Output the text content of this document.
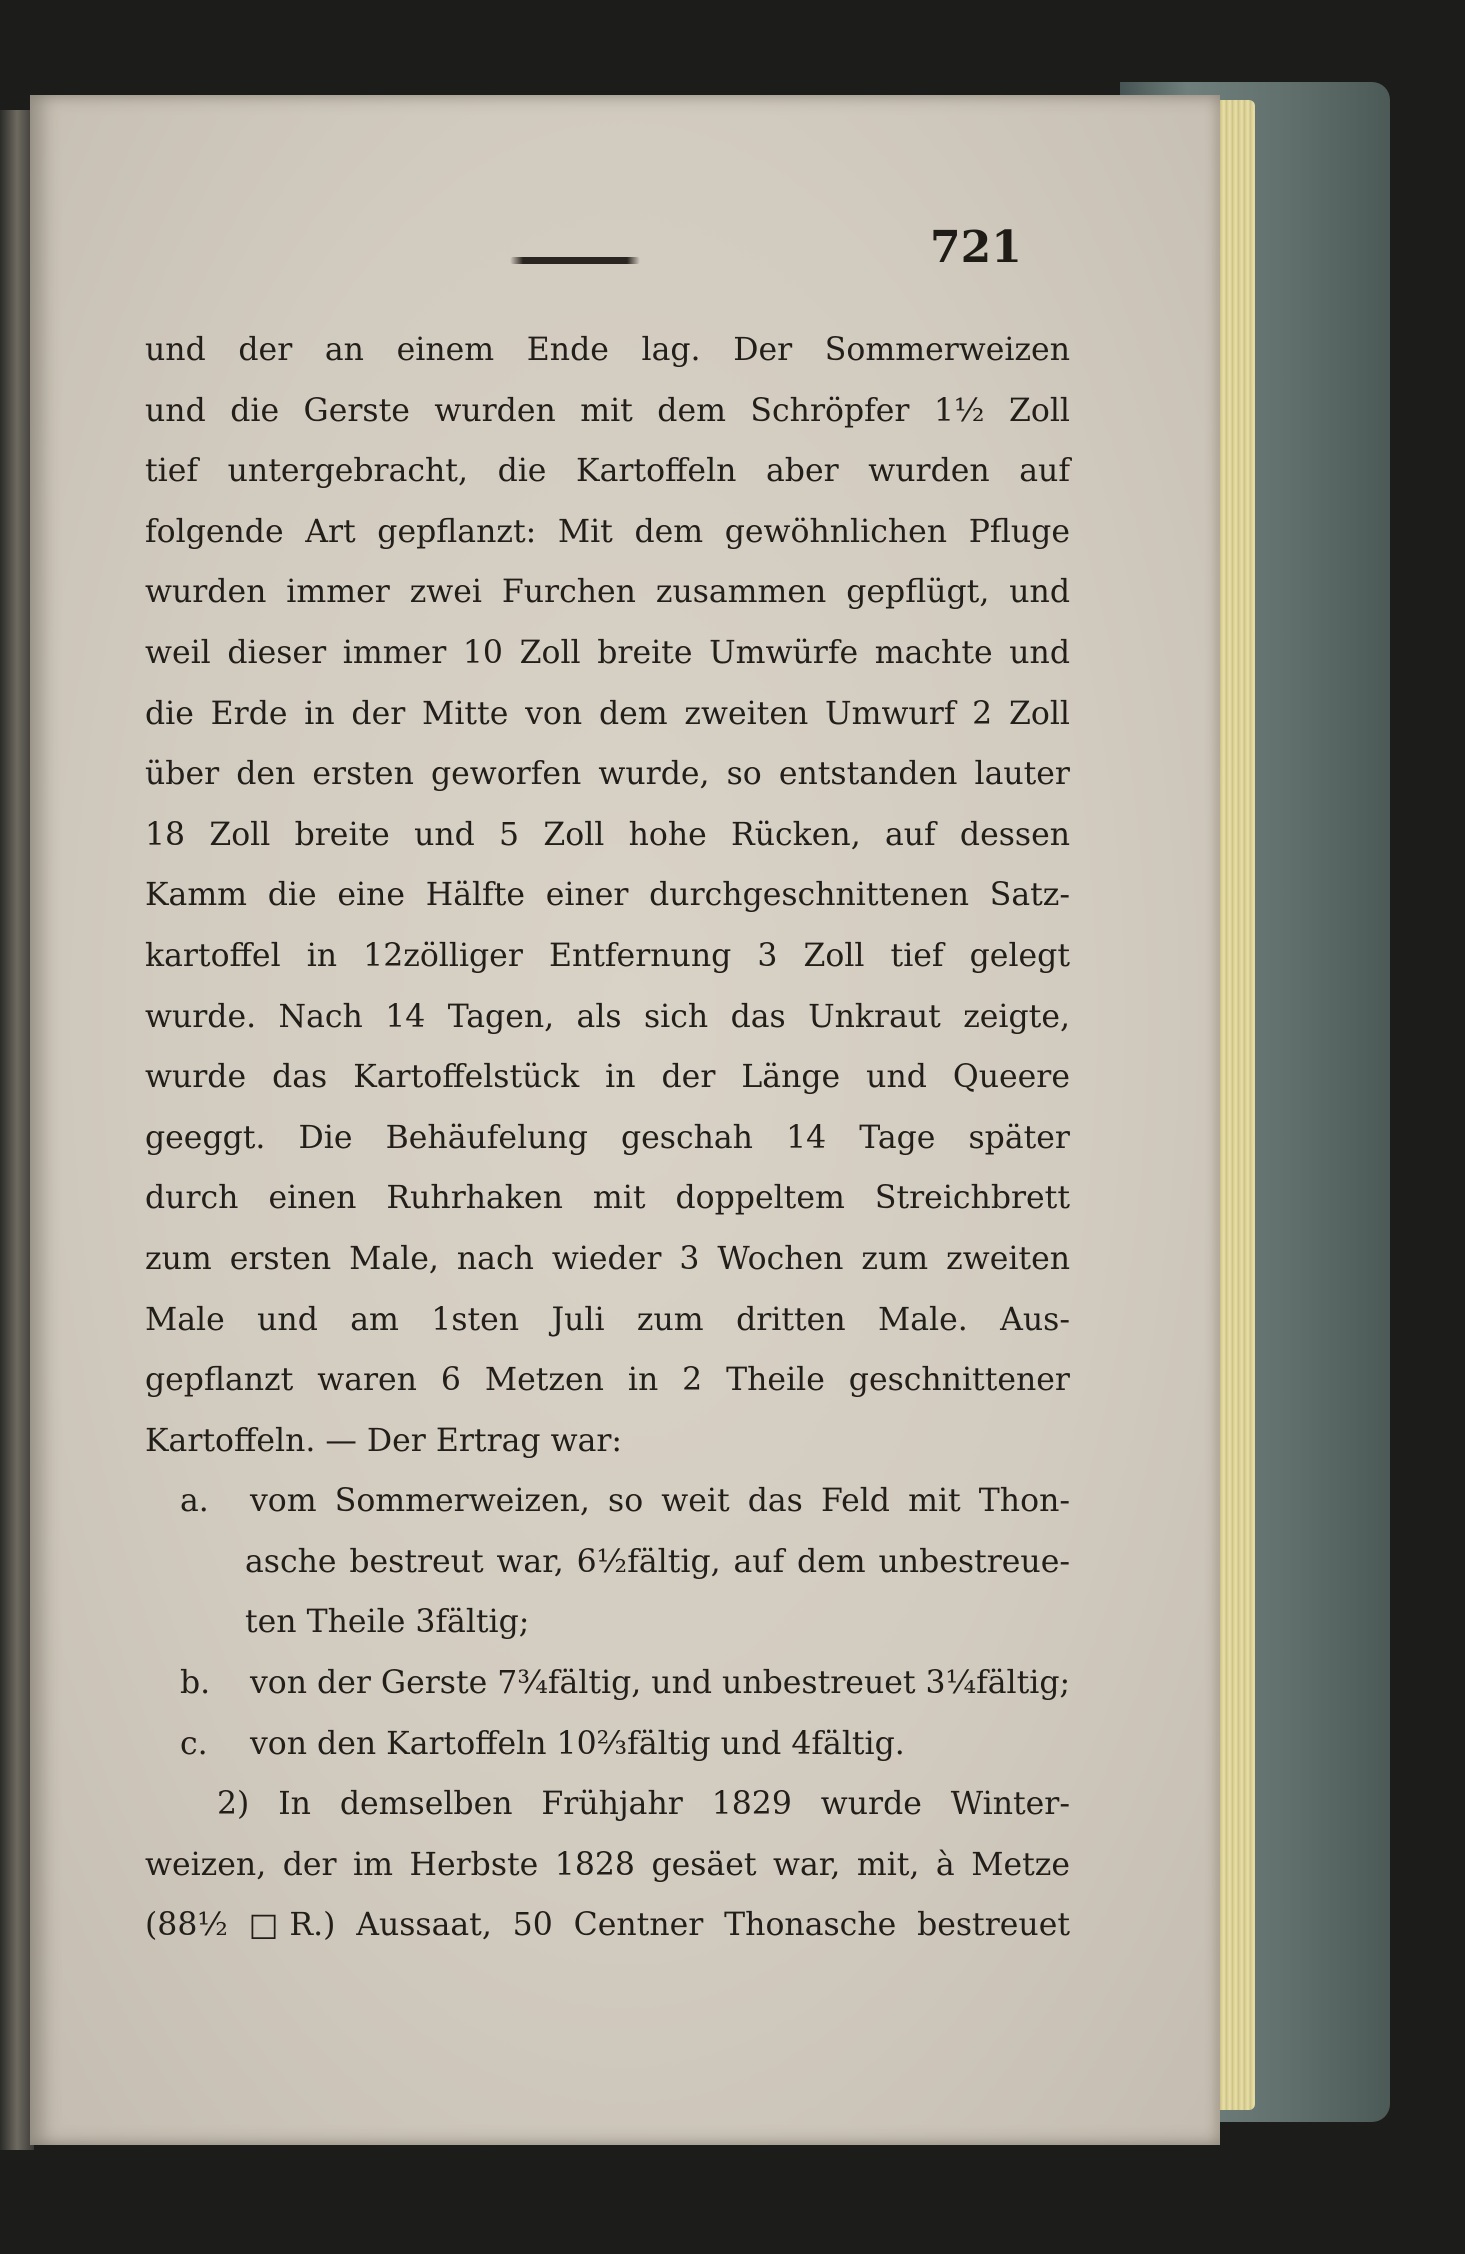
721
und der an einem Ende lag. Der Sommerweizen
und die Gerste wurden mit dem Schröpfer 1½ Zoll
tief untergebracht, die Kartoffeln aber wurden auf
folgende Art gepflanzt: Mit dem gewöhnlichen Pfluge
wurden immer zwei Furchen zusammen gepflügt, und
weil dieser immer 10 Zoll breite Umwürfe machte und
die Erde in der Mitte von dem zweiten Umwurf 2 Zoll
über den ersten geworfen wurde, so entstanden lauter
18 Zoll breite und 5 Zoll hohe Rücken, auf dessen
Kamm die eine Hälfte einer durchgeschnittenen Satz-
kartoffel in 12zölliger Entfernung 3 Zoll tief gelegt
wurde. Nach 14 Tagen, als sich das Unkraut zeigte,
wurde das Kartoffelstück in der Länge und Queere
geeggt. Die Behäufelung geschah 14 Tage später
durch einen Ruhrhaken mit doppeltem Streichbrett
zum ersten Male, nach wieder 3 Wochen zum zweiten
Male und am 1sten Juli zum dritten Male. Aus-
gepflanzt waren 6 Metzen in 2 Theile geschnittener
Kartoffeln. — Der Ertrag war:
a.	vom Sommerweizen, so weit das Feld mit Thon-
asche bestreut war, 6½fältig, auf dem unbestreue-
ten Theile 3fältig;
b.	von der Gerste 7¾fältig, und unbestreuet 3¼fältig;
c.	von den Kartoffeln 10⅔fältig und 4fältig.
2) In demselben Frühjahr 1829 wurde Winter-
weizen, der im Herbste 1828 gesäet war, mit, à Metze
(88½ □R.) Aussaat, 50 Centner Thonasche bestreuet
